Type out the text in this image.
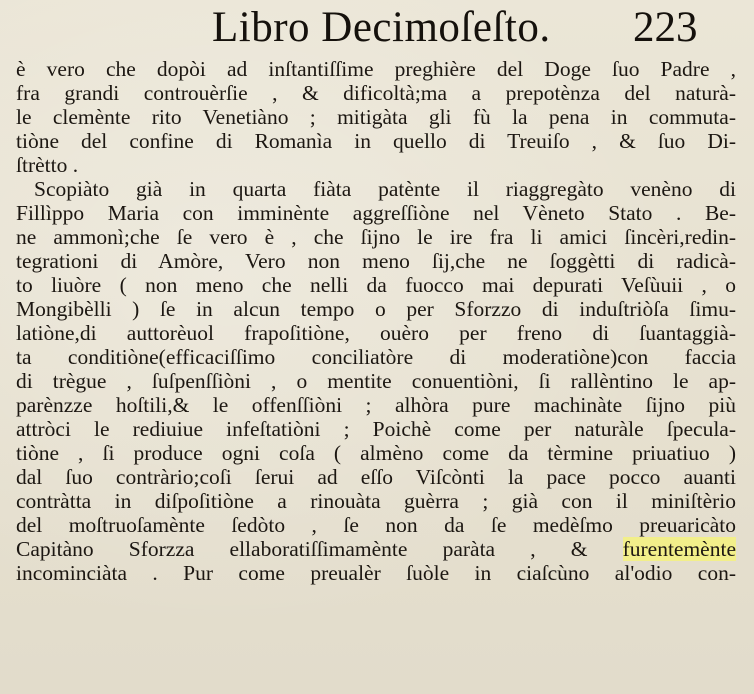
Libro Decimoſeſto. 223
è vero che dopòi ad inſtantiſſime preghière del Doge ſuo Padre ,
fra grandi controuèrſie , & dificoltà;ma a prepotènza del naturà-
le clemènte rito Venetiàno ; mitigàta gli fù la pena in commuta-
tiòne del confine di Romanìa in quello di Treuiſo , & ſuo Di-
ſtrètto .
Scopiàto già in quarta fiàta patènte il riaggregàto venèno di
Fillìppo Maria con imminènte aggreſſiòne nel Vèneto Stato . Be-
ne ammonì;che ſe vero è , che ſijno le ire fra li amici ſincèri,redin-
tegrationi di Amòre, Vero non meno ſij,che ne ſoggètti di radicà-
to liuòre ( non meno che nelli da fuocco mai depurati Veſùuii , o
Mongibèlli ) ſe in alcun tempo o per Sforzzo di induſtriòſa ſimu-
latiòne,di auttorèuol frapoſitiòne, ouèro per freno di ſuantaggià-
ta conditiòne(efficaciſſimo conciliatòre di moderatiòne)con faccia
di trègue , ſuſpenſſiòni , o mentite conuentiòni, ſi rallèntino le ap-
parènzze hoſtili,& le offenſſiòni ; alhòra pure machinàte ſijno più
attròci le rediuiue infeſtatiòni ; Poichè come per naturàle ſpecula-
tiòne , ſi produce ogni coſa ( almèno come da tèrmine priuatiuo )
dal ſuo contràrio;coſi ſerui ad eſſo Viſcònti la pace poсco auanti
contràtta in diſpoſitiòne a rinouàta guèrra ; già con il miniſtèrio
del moſtruoſamènte ſedòto , ſe non da ſe medèſmo preuaricàto
Capitàno Sforzza ellaboratiſſimamènte paràta , & furentemènte
incominciàta . Pur come preualèr ſuòle in ciaſcùno al'odio con-
